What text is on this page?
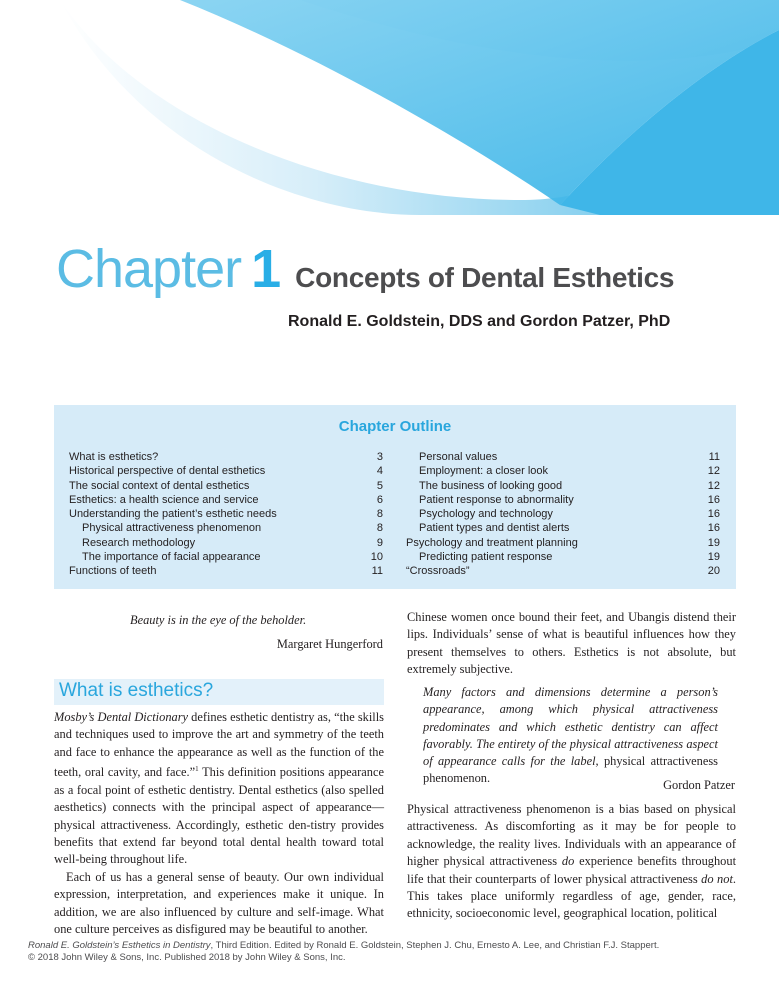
Chapter 1 Concepts of Dental Esthetics
Ronald E. Goldstein, DDS and Gordon Patzer, PhD
Chapter Outline
What is esthetics?	3
Historical perspective of dental esthetics	4
The social context of dental esthetics	5
Esthetics: a health science and service	6
Understanding the patient’s esthetic needs	8
Physical attractiveness phenomenon	8
Research methodology	9
The importance of facial appearance	10
Functions of teeth	11
Personal values	11
Employment: a closer look	12
The business of looking good	12
Patient response to abnormality	16
Psychology and technology	16
Patient types and dentist alerts	16
Psychology and treatment planning	19
Predicting patient response	19
“Crossroads”	20
Beauty is in the eye of the beholder.
Margaret Hungerford
What is esthetics?

Mosby’s Dental Dictionary defines esthetic dentistry as, “the skills and techniques used to improve the art and symmetry of the teeth and face to enhance the appearance as well as the function of the teeth, oral cavity, and face.”$^1$ This definition positions appearance as a focal point of esthetic dentistry. Dental esthetics (also spelled aesthetics) connects with the principal aspect of appearance—physical attractiveness. Accordingly, esthetic den-tistry provides benefits that extend far beyond total dental health toward total well-being throughout life.

Each of us has a general sense of beauty. Our own individual expression, interpretation, and experiences make it unique. In addition, we are also influenced by culture and self-image. What one culture perceives as disfigured may be beautiful to another.

Chinese women once bound their feet, and Ubangis distend their lips. Individuals’ sense of what is beautiful influences how they present themselves to others. Esthetics is not absolute, but extremely subjective.

Many factors and dimensions determine a person’s appearance, among which physical attractiveness predominates and which esthetic dentistry can affect favorably. The entirety of the physical attractiveness aspect of appearance calls for the label, physical attractiveness phenomenon.	Gordon Patzer

Physical attractiveness phenomenon is a bias based on physical attractiveness. As discomforting as it may be for people to acknowledge, the reality lives. Individuals with an appearance of higher physical attractiveness do experience benefits throughout life that their counterparts of lower physical attractiveness do not. This takes place uniformly regardless of age, gender, race, ethnicity, socioeconomic level, geographical location, political

Ronald E. Goldstein’s Esthetics in Dentistry, Third Edition. Edited by Ronald E. Goldstein, Stephen J. Chu, Ernesto A. Lee, and Christian F.J. Stappert.
© 2018 John Wiley & Sons, Inc. Published 2018 by John Wiley & Sons, Inc.
